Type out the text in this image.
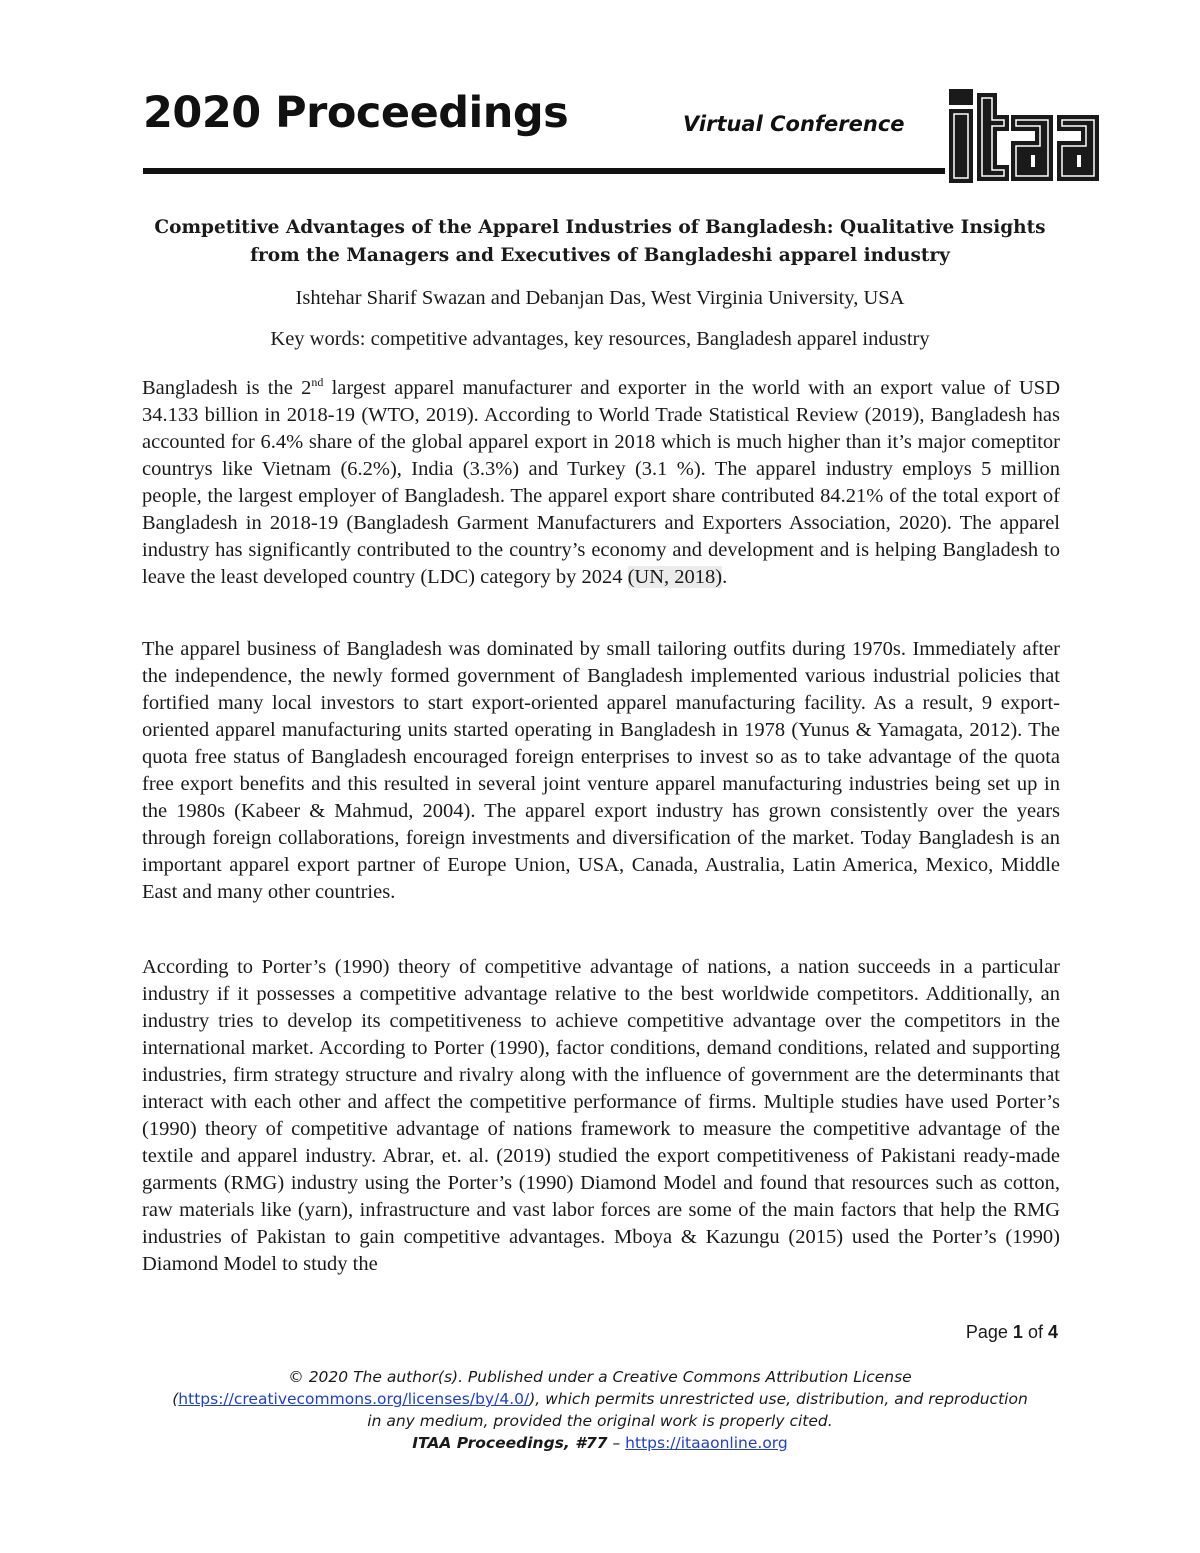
2020 Proceedings	Virtual Conference
itaa
Competitive Advantages of the Apparel Industries of Bangladesh: Qualitative Insights
from the Managers and Executives of Bangladeshi apparel industry
Ishtehar Sharif Swazan and Debanjan Das, West Virginia University, USA
Key words: competitive advantages, key resources, Bangladesh apparel industry

Bangladesh is the 2nd largest apparel manufacturer and exporter in the world with an export value of USD 34.133 billion in 2018-19 (WTO, 2019). According to World Trade Statistical Review (2019), Bangladesh has accounted for 6.4% share of the global apparel export in 2018 which is much higher than it’s major comeptitor countrys like Vietnam (6.2%), India (3.3%) and Turkey (3.1 %). The apparel industry employs 5 million people, the largest employer of Bangladesh. The apparel export share contributed 84.21% of the total export of Bangladesh in 2018-19 (Bangladesh Garment Manufacturers and Exporters Association, 2020). The apparel industry has significantly contributed to the country’s economy and development and is helping Bangladesh to leave the least developed country (LDC) category by 2024 (UN, 2018).

The apparel business of Bangladesh was dominated by small tailoring outfits during 1970s. Immediately after the independence, the newly formed government of Bangladesh implemented various industrial policies that fortified many local investors to start export-oriented apparel manufacturing facility. As a result, 9 export-oriented apparel manufacturing units started operating in Bangladesh in 1978 (Yunus & Yamagata, 2012). The quota free status of Bangladesh encouraged foreign enterprises to invest so as to take advantage of the quota free export benefits and this resulted in several joint venture apparel manufacturing industries being set up in the 1980s (Kabeer & Mahmud, 2004). The apparel export industry has grown consistently over the years through foreign collaborations, foreign investments and diversification of the market. Today Bangladesh is an important apparel export partner of Europe Union, USA, Canada, Australia, Latin America, Mexico, Middle East and many other countries.

According to Porter’s (1990) theory of competitive advantage of nations, a nation succeeds in a particular industry if it possesses a competitive advantage relative to the best worldwide competitors. Additionally, an industry tries to develop its competitiveness to achieve competitive advantage over the competitors in the international market. According to Porter (1990), factor conditions, demand conditions, related and supporting industries, firm strategy structure and rivalry along with the influence of government are the determinants that interact with each other and affect the competitive performance of firms. Multiple studies have used Porter’s (1990) theory of competitive advantage of nations framework to measure the competitive advantage of the textile and apparel industry. Abrar, et. al. (2019) studied the export competitiveness of Pakistani ready-made garments (RMG) industry using the Porter’s (1990) Diamond Model and found that resources such as cotton, raw materials like (yarn), infrastructure and vast labor forces are some of the main factors that help the RMG industries of Pakistan to gain competitive advantages. Mboya & Kazungu (2015) used the Porter’s (1990) Diamond Model to study the

Page 1 of 4
© 2020 The author(s). Published under a Creative Commons Attribution License
(https://creativecommons.org/licenses/by/4.0/), which permits unrestricted use, distribution, and reproduction
in any medium, provided the original work is properly cited.
ITAA Proceedings, #77 – https://itaaonline.org
